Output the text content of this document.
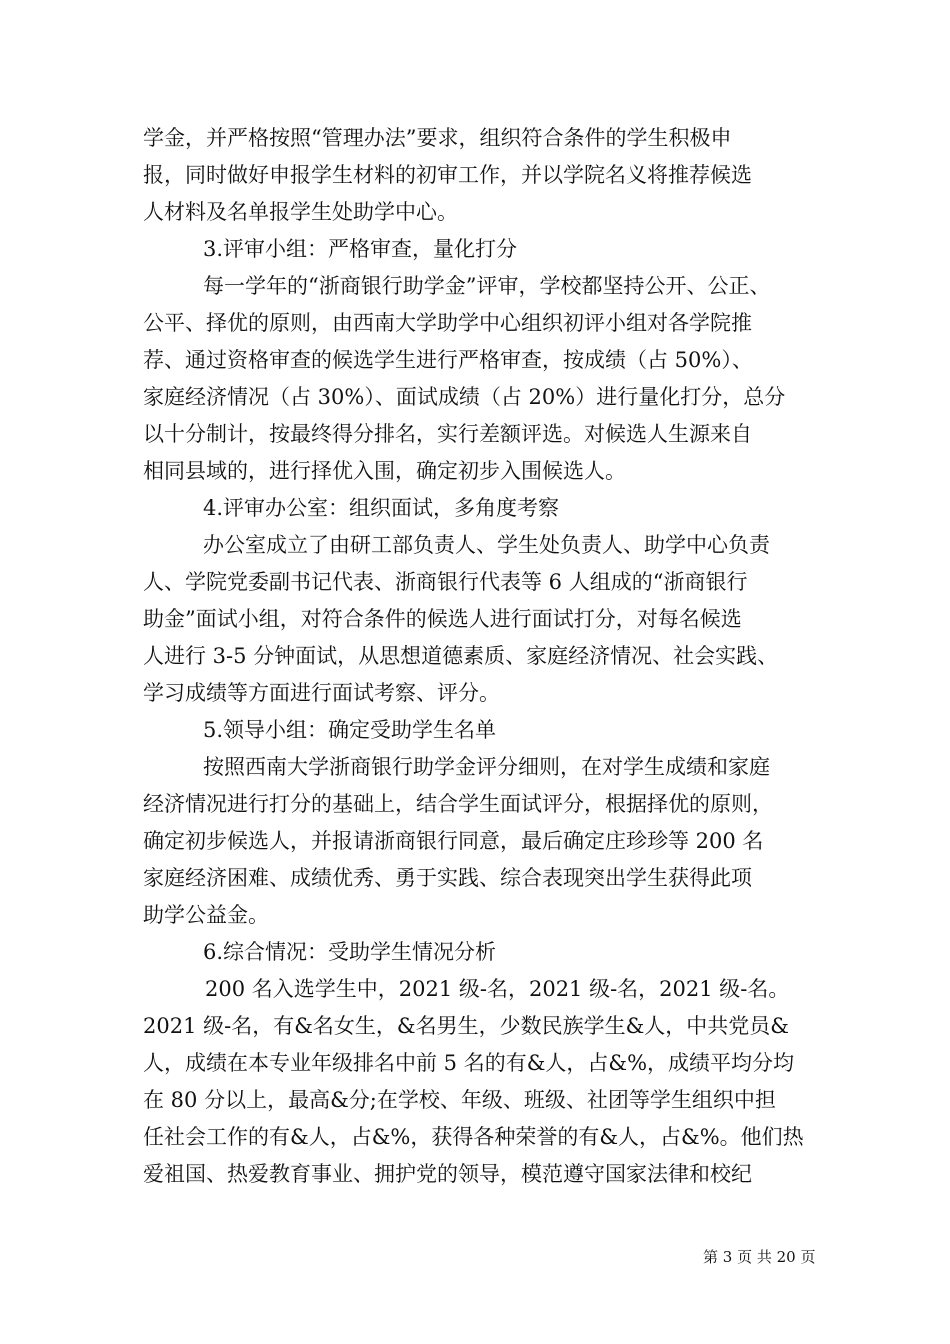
学金，并严格按照“管理办法”要求，组织符合条件的学生积极申
报，同时做好申报学生材料的初审工作，并以学院名义将推荐候选
人材料及名单报学生处助学中心。
3.评审小组：严格审查，量化打分
每一学年的“浙商银行助学金”评审，学校都坚持公开、公正、
公平、择优的原则，由西南大学助学中心组织初评小组对各学院推
荐、通过资格审查的候选学生进行严格审查，按成绩（占 50%）、
家庭经济情况（占 30%）、面试成绩（占 20%）进行量化打分，总分
以十分制计，按最终得分排名，实行差额评选。对候选人生源来自
相同县域的，进行择优入围，确定初步入围候选人。
4.评审办公室：组织面试，多角度考察
办公室成立了由研工部负责人、学生处负责人、助学中心负责
人、学院党委副书记代表、浙商银行代表等 6 人组成的“浙商银行
助金”面试小组，对符合条件的候选人进行面试打分，对每名候选
人进行 3-5 分钟面试，从思想道德素质、家庭经济情况、社会实践、
学习成绩等方面进行面试考察、评分。
5.领导小组：确定受助学生名单
按照西南大学浙商银行助学金评分细则，在对学生成绩和家庭
经济情况进行打分的基础上，结合学生面试评分，根据择优的原则，
确定初步候选人，并报请浙商银行同意，最后确定庄珍珍等 200 名
家庭经济困难、成绩优秀、勇于实践、综合表现突出学生获得此项
助学公益金。
6.综合情况：受助学生情况分析
200 名入选学生中，2021 级-名，2021 级-名，2021 级-名。
2021 级-名，有&名女生，&名男生，少数民族学生&人，中共党员&
人，成绩在本专业年级排名中前 5 名的有&人，占&%，成绩平均分均
在 80 分以上，最高&分;在学校、年级、班级、社团等学生组织中担
任社会工作的有&人，占&%，获得各种荣誉的有&人，占&%。他们热
爱祖国、热爱教育事业、拥护党的领导，模范遵守国家法律和校纪
第 3 页 共 20 页
